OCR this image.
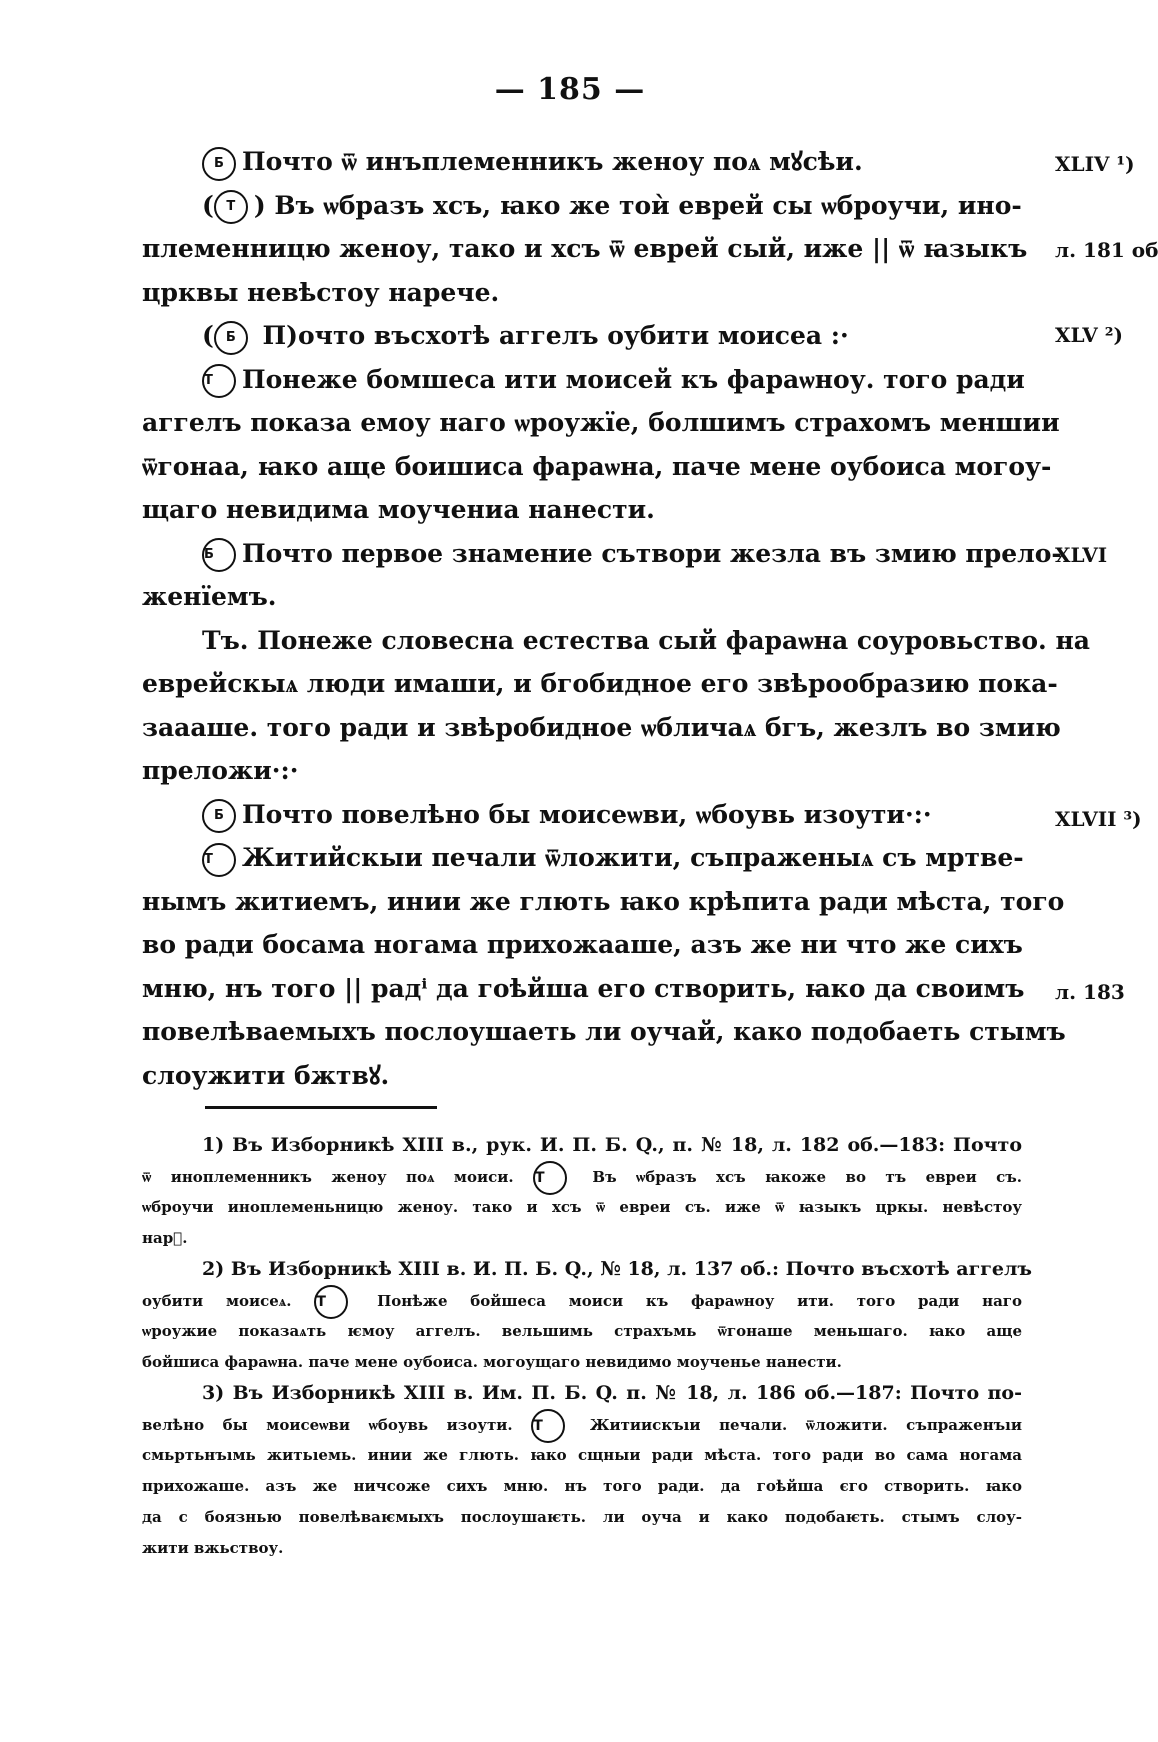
— 185 —
XLIV ¹)
л. 181 об
XLV ²)
XLVI
XLVII ³)
л. 183
Б Почто ѿ инъплеменникъ женоу поѧ мꙋсѣи.
( Т ) Въ ѡбразъ хсъ, ꙗко же тоѝ еврей сы ѡброучи, ино-
племенницю женоу, тако и хсъ ѿ еврей сый, иже || ѿ ꙗзыкъ
црквы невѣстоу нарече.
( Б П)очто въсхотѣ аггелъ оубити моисеа :·
Т Понеже бомшеса ити моисей къ фараѡноу. того ради
аггелъ показа емоу наго ѡроужїе, болшимъ страхомъ меншии
ѿгонаа, ꙗко аще боишиса фараѡна, паче мене оубоиса могоу-
щаго невидима моучениа нанести.
Б Почто первое знамение сътвори жезла въ змию прело-
женїемъ.
Тъ. Понеже словесна естества сый фараѡна соуровьство. на
еврейскыѧ люди имаши, и бгобидное его звѣрообразию пока-
заааше. того ради и звѣробидное ѡбличаѧ бгъ, жезлъ во змию
преложи·:·
Б Почто повелѣно бы моисеѡви, ѡбоувь изоути·:·
Т Житийскыи печали ѿложити, съпраженыѧ съ мртве-
нымъ житиемъ, инии же глють ꙗко крѣпита ради мѣста, того
во ради босама ногама прихожааше, азъ же ни что же сихъ
мню, нъ того || радⁱ да гоѣйша его створить, ꙗко да своимъ
повелѣваемыхъ послоушаеть ли оучай, како подобаеть стымъ
слоужити бжтвꙋ.
1) Въ Изборникѣ XIII в., рук. И. П. Б. Q., п. № 18, л. 182 об.—183: Почто
ѿ иноплеменникъ женоу поѧ моиси. Т	Въ ѡбразъ хсъ ꙗкоже во тъ евреи съ.
ѡброучи иноплеменьницю женоу. тако и хсъ ѿ евреи съ. иже ѿ ꙗзыкъ цркы. невѣстоу
нарⷱ.
2) Въ Изборникѣ XIII в. И. П. Б. Q., № 18, л. 137 об.: Почто въсхотѣ аггелъ
оубити моисеѧ. Т	Понѣже бойшеса моиси къ фараѡноу ити. того ради наго
ѡроужие показаѧть ѥмоу аггелъ. вельшимь страхъмь ѿгонаше меньшаго. ꙗко аще
бойшиса фараѡна. паче мене оубоиса. могоущаго невидимо моученье нанести.
3) Въ Изборникѣ XIII в. Им. П. Б. Q. п. № 18, л. 186 об.—187: Почто по-
велѣно бы моисеѡви ѡбоувь изоути. Т	Житиискъıи печали. ѿложити. съпраженъıи
смьртьнъıмь житьıемь. инии же глють. ꙗко сщныи ради мѣста. того ради во сама ногама
прихожаше. азъ же ничсоже сихъ мню. нъ того ради. да гоѣйша єго створить. ꙗко
да с боязнью повелѣваѥмыхъ послоушаѥть. ли оуча и како подобаѥть. стымъ слоу-
жити вжьствоу.
